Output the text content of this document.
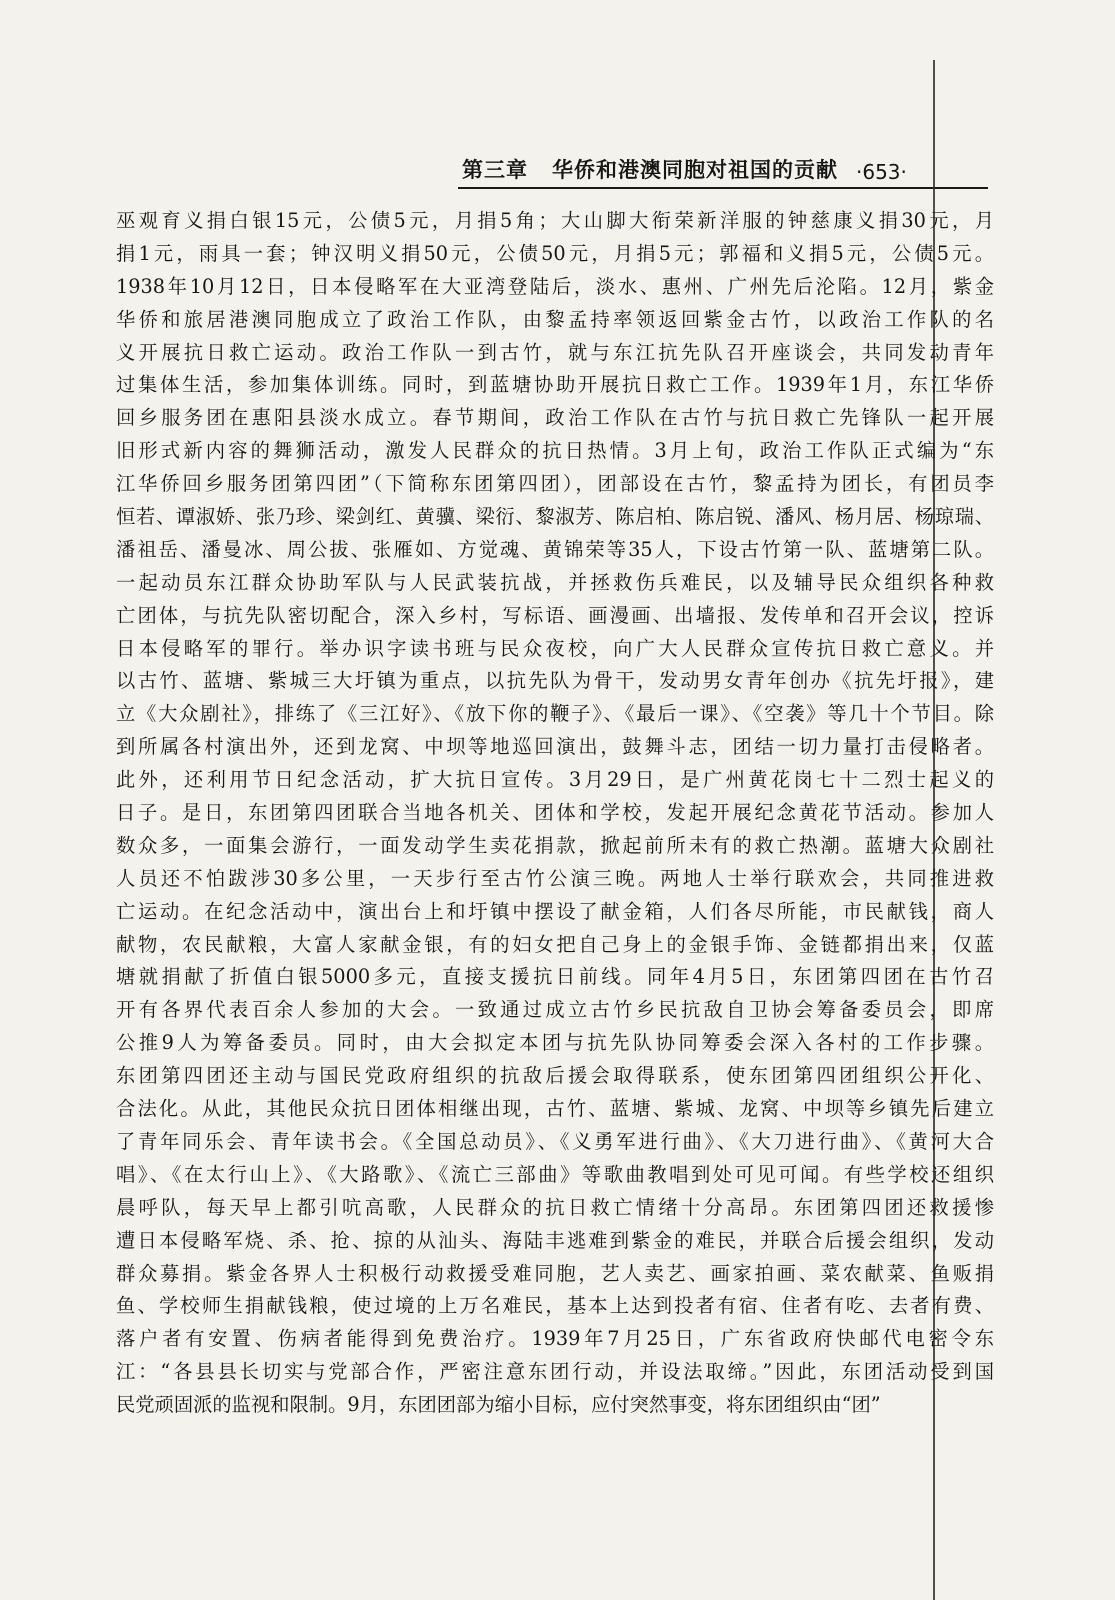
第三章 华侨和港澳同胞对祖国的贡献 ·653·
巫观育义捐白银15元，公债5元，月捐5角；大山脚大衔荣新洋服的钟慈康义捐30元，月
捐1元，雨具一套；钟汉明义捐50元，公债50元，月捐5元；郭福和义捐5元，公债5元。
1938年10月12日，日本侵略军在大亚湾登陆后，淡水、惠州、广州先后沦陷。12月，紫金
华侨和旅居港澳同胞成立了政治工作队，由黎孟持率领返回紫金古竹，以政治工作队的名
义开展抗日救亡运动。政治工作队一到古竹，就与东江抗先队召开座谈会，共同发动青年
过集体生活，参加集体训练。同时，到蓝塘协助开展抗日救亡工作。1939年1月，东江华侨
回乡服务团在惠阳县淡水成立。春节期间，政治工作队在古竹与抗日救亡先锋队一起开展
旧形式新内容的舞狮活动，激发人民群众的抗日热情。3月上旬，政治工作队正式编为“东
江华侨回乡服务团第四团”（下简称东团第四团），团部设在古竹，黎孟持为团长，有团员李
恒若、谭淑娇、张乃珍、梁剑红、黄骥、梁衍、黎淑芳、陈启柏、陈启锐、潘风、杨月居、杨琼瑞、
潘祖岳、潘曼冰、周公拔、张雁如、方觉魂、黄锦荣等35人，下设古竹第一队、蓝塘第二队。
一起动员东江群众协助军队与人民武装抗战，并拯救伤兵难民，以及辅导民众组织各种救
亡团体，与抗先队密切配合，深入乡村，写标语、画漫画、出墙报、发传单和召开会议，控诉
日本侵略军的罪行。举办识字读书班与民众夜校，向广大人民群众宣传抗日救亡意义。并
以古竹、蓝塘、紫城三大圩镇为重点，以抗先队为骨干，发动男女青年创办《抗先圩报》，建
立《大众剧社》，排练了《三江好》、《放下你的鞭子》、《最后一课》、《空袭》等几十个节目。除
到所属各村演出外，还到龙窝、中坝等地巡回演出，鼓舞斗志，团结一切力量打击侵略者。
此外，还利用节日纪念活动，扩大抗日宣传。3月29日，是广州黄花岗七十二烈士起义的
日子。是日，东团第四团联合当地各机关、团体和学校，发起开展纪念黄花节活动。参加人
数众多，一面集会游行，一面发动学生卖花捐款，掀起前所未有的救亡热潮。蓝塘大众剧社
人员还不怕跋涉30多公里，一天步行至古竹公演三晚。两地人士举行联欢会，共同推进救
亡运动。在纪念活动中，演出台上和圩镇中摆设了献金箱，人们各尽所能，市民献钱，商人
献物，农民献粮，大富人家献金银，有的妇女把自己身上的金银手饰、金链都捐出来，仅蓝
塘就捐献了折值白银5000多元，直接支援抗日前线。同年4月5日，东团第四团在古竹召
开有各界代表百余人参加的大会。一致通过成立古竹乡民抗敌自卫协会筹备委员会，即席
公推9人为筹备委员。同时，由大会拟定本团与抗先队协同筹委会深入各村的工作步骤。
东团第四团还主动与国民党政府组织的抗敌后援会取得联系，使东团第四团组织公开化、
合法化。从此，其他民众抗日团体相继出现，古竹、蓝塘、紫城、龙窝、中坝等乡镇先后建立
了青年同乐会、青年读书会。《全国总动员》、《义勇军进行曲》、《大刀进行曲》、《黄河大合
唱》、《在太行山上》、《大路歌》、《流亡三部曲》等歌曲教唱到处可见可闻。有些学校还组织
晨呼队，每天早上都引吭高歌，人民群众的抗日救亡情绪十分高昂。东团第四团还救援惨
遭日本侵略军烧、杀、抢、掠的从汕头、海陆丰逃难到紫金的难民，并联合后援会组织，发动
群众募捐。紫金各界人士积极行动救援受难同胞，艺人卖艺、画家拍画、菜农献菜、鱼贩捐
鱼、学校师生捐献钱粮，使过境的上万名难民，基本上达到投者有宿、住者有吃、去者有费、
落户者有安置、伤病者能得到免费治疗。1939年7月25日，广东省政府快邮代电密令东
江：“各县县长切实与党部合作，严密注意东团行动，并设法取缔。”因此，东团活动受到国
民党顽固派的监视和限制。9月，东团团部为缩小目标，应付突然事变，将东团组织由“团”
